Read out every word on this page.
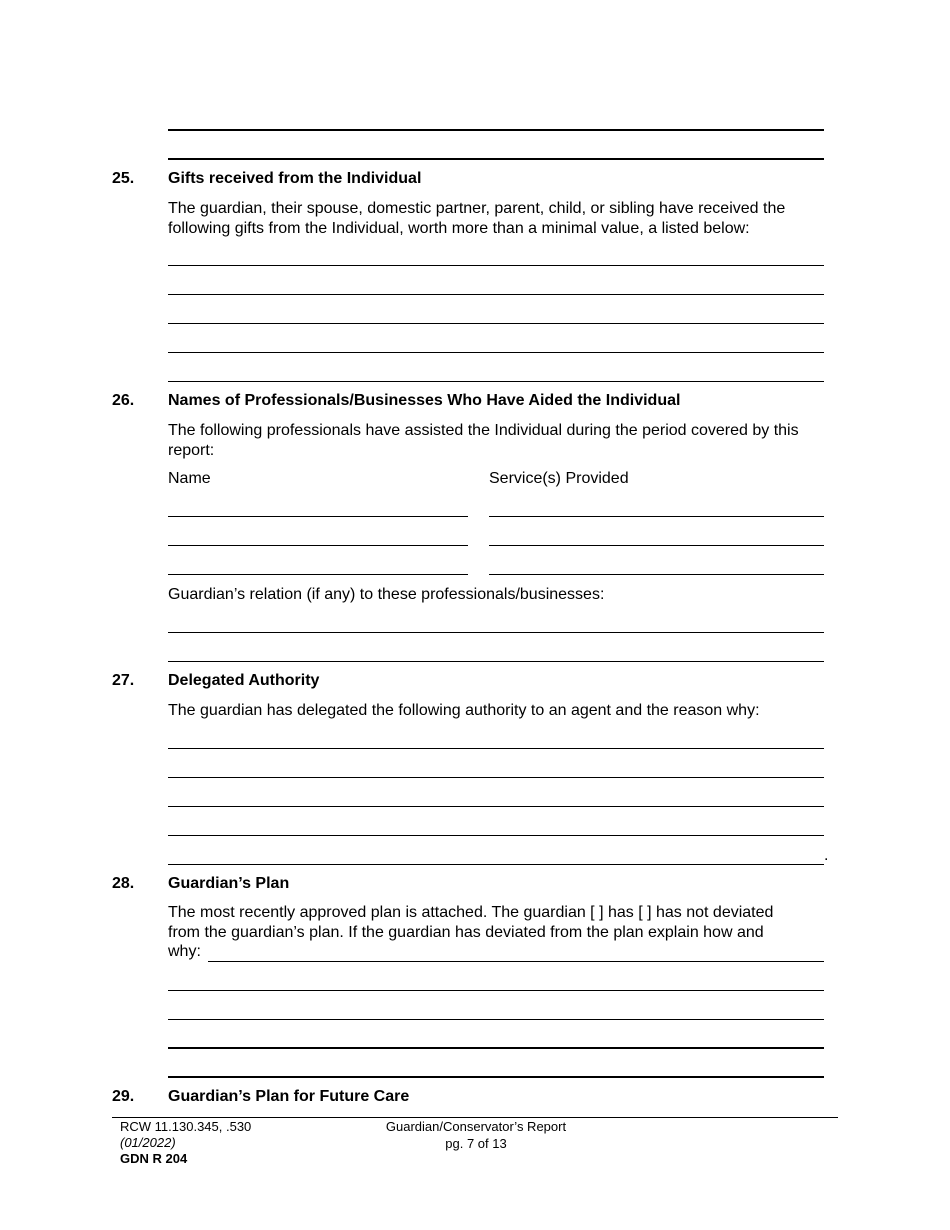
25. Gifts received from the Individual
The guardian, their spouse, domestic partner, parent, child, or sibling have received the following gifts from the Individual, worth more than a minimal value, a listed below:
26. Names of Professionals/Businesses Who Have Aided the Individual
The following professionals have assisted the Individual during the period covered by this report:
Name	Service(s) Provided
Guardian’s relation (if any) to these professionals/businesses:
27. Delegated Authority
The guardian has delegated the following authority to an agent and the reason why:
.
28. Guardian’s Plan
The most recently approved plan is attached. The guardian [ ] has [ ] has not deviated
from the guardian’s plan. If the guardian has deviated from the plan explain how and
why:
29. Guardian’s Plan for Future Care
RCW 11.130.345, .530
(01/2022)
GDN R 204
Guardian/Conservator’s Report
pg. 7 of 13
